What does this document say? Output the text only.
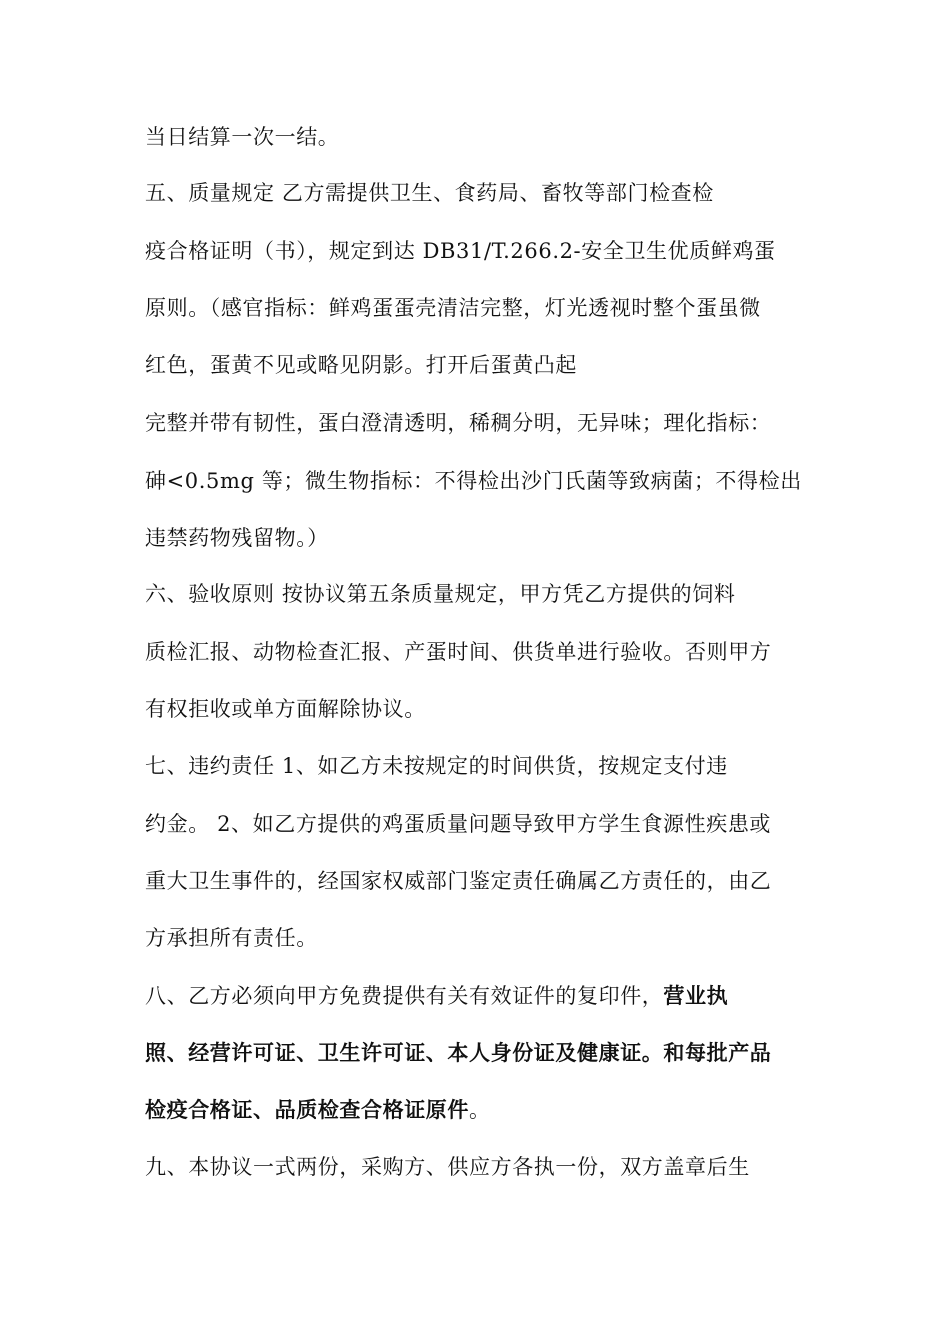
当日结算一次一结。
五、质量规定 乙方需提供卫生、食药局、畜牧等部门检查检
疫合格证明（书），规定到达 DB31/T.266.2-安全卫生优质鲜鸡蛋
原则。（感官指标：鲜鸡蛋蛋壳清洁完整，灯光透视时整个蛋虽微
红色，蛋黄不见或略见阴影。打开后蛋黄凸起
完整并带有韧性，蛋白澄清透明，稀稠分明，无异味；理化指标：
砷<0.5mg 等；微生物指标：不得检出沙门氏菌等致病菌；不得检出
违禁药物残留物。）
六、验收原则 按协议第五条质量规定，甲方凭乙方提供的饲料
质检汇报、动物检查汇报、产蛋时间、供货单进行验收。否则甲方
有权拒收或单方面解除协议。
七、违约责任 1、如乙方未按规定的时间供货，按规定支付违
约金。 2、如乙方提供的鸡蛋质量问题导致甲方学生食源性疾患或
重大卫生事件的，经国家权威部门鉴定责任确属乙方责任的，由乙
方承担所有责任。
八、乙方必须向甲方免费提供有关有效证件的复印件，营业执
照、经营许可证、卫生许可证、本人身份证及健康证。和每批产品
检疫合格证、品质检查合格证原件。
九、本协议一式两份，采购方、供应方各执一份，双方盖章后生
